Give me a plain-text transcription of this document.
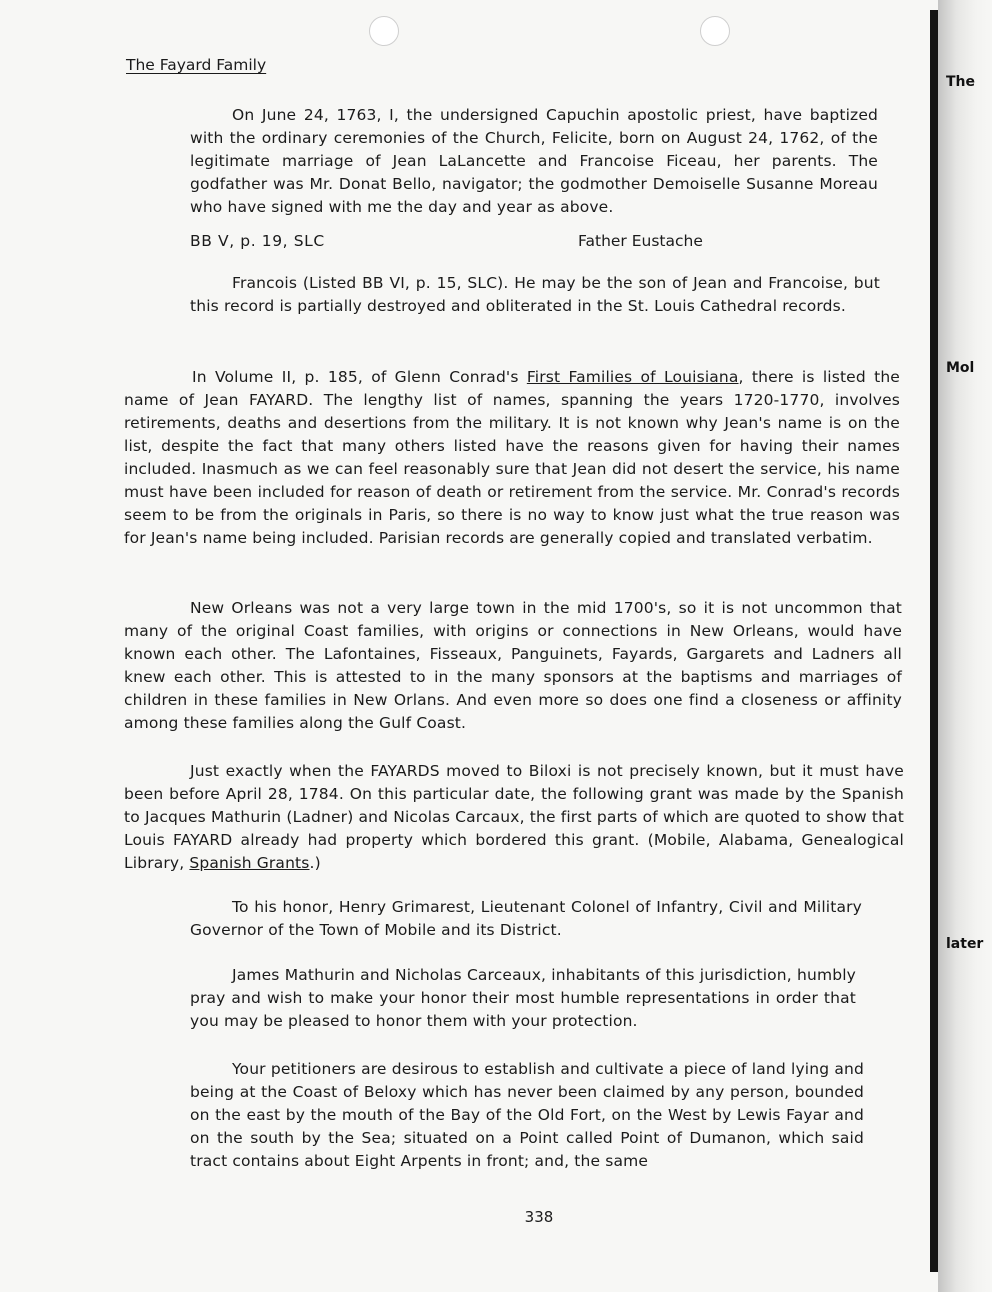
The Fayard Family

On June 24, 1763, I, the undersigned Capuchin apostolic priest, have baptized with the ordinary ceremonies of the Church, Felicite, born on August 24, 1762, of the legitimate marriage of Jean LaLancette and Francoise Ficeau, her parents. The godfather was Mr. Donat Bello, navigator; the godmother Demoiselle Susanne Moreau who have signed with me the day and year as above.

BB V, p. 19, SLC	Father Eustache

Francois (Listed BB VI, p. 15, SLC). He may be the son of Jean and Francoise, but this record is partially destroyed and obliterated in the St. Louis Cathedral records.

In Volume II, p. 185, of Glenn Conrad's First Families of Louisiana, there is listed the name of Jean FAYARD. The lengthy list of names, spanning the years 1720-1770, involves retirements, deaths and desertions from the military. It is not known why Jean's name is on the list, despite the fact that many others listed have the reasons given for having their names included. Inasmuch as we can feel reasonably sure that Jean did not desert the service, his name must have been included for reason of death or retirement from the service. Mr. Conrad's records seem to be from the originals in Paris, so there is no way to know just what the true reason was for Jean's name being included. Parisian records are generally copied and translated verbatim.

New Orleans was not a very large town in the mid 1700's, so it is not uncommon that many of the original Coast families, with origins or connections in New Orleans, would have known each other. The Lafontaines, Fisseaux, Panguinets, Fayards, Gargarets and Ladners all knew each other. This is attested to in the many sponsors at the baptisms and marriages of children in these families in New Orlans. And even more so does one find a closeness or affinity among these families along the Gulf Coast.

Just exactly when the FAYARDS moved to Biloxi is not precisely known, but it must have been before April 28, 1784. On this particular date, the following grant was made by the Spanish to Jacques Mathurin (Ladner) and Nicolas Carcaux, the first parts of which are quoted to show that Louis FAYARD already had property which bordered this grant. (Mobile, Alabama, Genealogical Library, Spanish Grants.)

To his honor, Henry Grimarest, Lieutenant Colonel of Infantry, Civil and Military Governor of the Town of Mobile and its District.

James Mathurin and Nicholas Carceaux, inhabitants of this jurisdiction, humbly pray and wish to make your honor their most humble representations in order that you may be pleased to honor them with your protection.

Your petitioners are desirous to establish and cultivate a piece of land lying and being at the Coast of Beloxy which has never been claimed by any person, bounded on the east by the mouth of the Bay of the Old Fort, on the West by Lewis Fayar and on the south by the Sea; situated on a Point called Point of Dumanon, which said tract contains about Eight Arpents in front; and, the same

338
The
Mol
later
